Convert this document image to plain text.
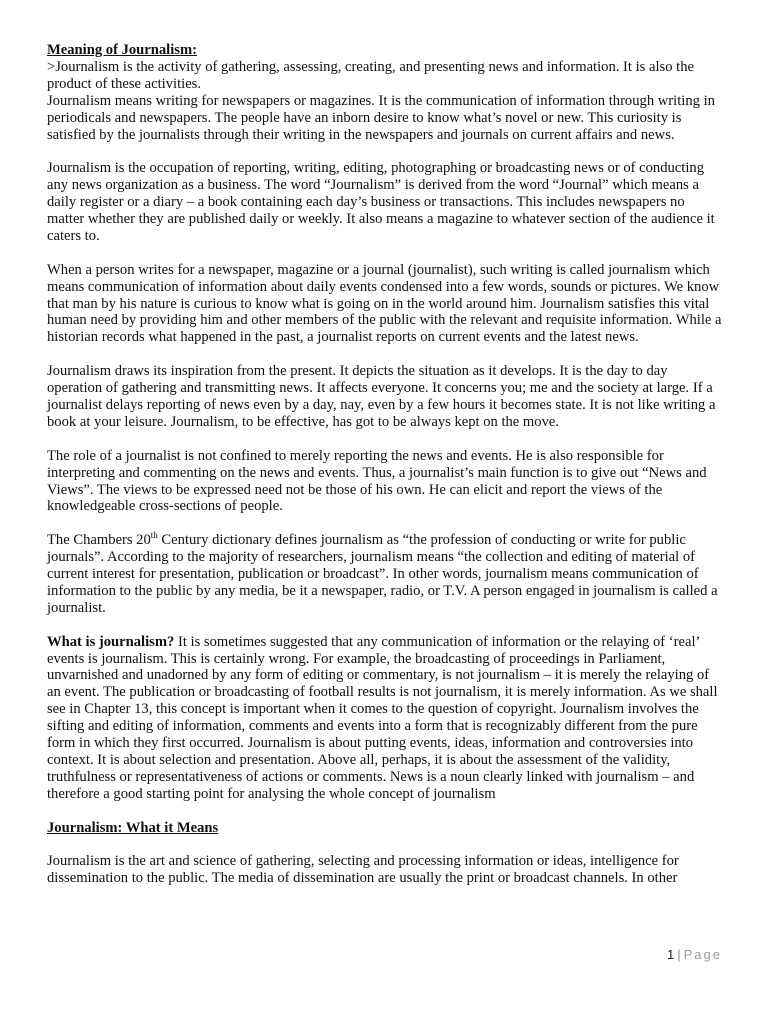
Meaning of Journalism:

>Journalism is the activity of gathering, assessing, creating, and presenting news and information. It is also the product of these activities.

Journalism means writing for newspapers or magazines. It is the communication of information through writing in periodicals and newspapers. The people have an inborn desire to know what’s novel or new. This curiosity is satisfied by the journalists through their writing in the newspapers and journals on current affairs and news.

Journalism is the occupation of reporting, writing, editing, photographing or broadcasting news or of conducting any news organization as a business. The word “Journalism” is derived from the word “Journal” which means a daily register or a diary – a book containing each day’s business or transactions. This includes newspapers no matter whether they are published daily or weekly. It also means a magazine to whatever section of the audience it caters to.

When a person writes for a newspaper, magazine or a journal (journalist), such writing is called journalism which means communication of information about daily events condensed into a few words, sounds or pictures. We know that man by his nature is curious to know what is going on in the world around him. Journalism satisfies this vital human need by providing him and other members of the public with the relevant and requisite information. While a historian records what happened in the past, a journalist reports on current events and the latest news.

Journalism draws its inspiration from the present. It depicts the situation as it develops. It is the day to day operation of gathering and transmitting news. It affects everyone. It concerns you; me and the society at large. If a journalist delays reporting of news even by a day, nay, even by a few hours it becomes state. It is not like writing a book at your leisure. Journalism, to be effective, has got to be always kept on the move.

The role of a journalist is not confined to merely reporting the news and events. He is also responsible for interpreting and commenting on the news and events. Thus, a journalist’s main function is to give out “News and Views”. The views to be expressed need not be those of his own. He can elicit and report the views of the knowledgeable cross-sections of people.

The Chambers 20th Century dictionary defines journalism as “the profession of conducting or write for public journals”. According to the majority of researchers, journalism means “the collection and editing of material of current interest for presentation, publication or broadcast”. In other words, journalism means communication of information to the public by any media, be it a newspaper, radio, or T.V. A person engaged in journalism is called a journalist.

What is journalism? It is sometimes suggested that any communication of information or the relaying of ‘real’ events is journalism. This is certainly wrong. For example, the broadcasting of proceedings in Parliament, unvarnished and unadorned by any form of editing or commentary, is not journalism – it is merely the relaying of an event. The publication or broadcasting of football results is not journalism, it is merely information. As we shall see in Chapter 13, this concept is important when it comes to the question of copyright. Journalism involves the sifting and editing of information, comments and events into a form that is recognizably different from the pure form in which they first occurred. Journalism is about putting events, ideas, information and controversies into context. It is about selection and presentation. Above all, perhaps, it is about the assessment of the validity, truthfulness or representativeness of actions or comments. News is a noun clearly linked with journalism – and therefore a good starting point for analysing the whole concept of journalism

Journalism: What it Means

Journalism is the art and science of gathering, selecting and processing information or ideas, intelligence for dissemination to the public. The media of dissemination are usually the print or broadcast channels. In other

1 | Page
